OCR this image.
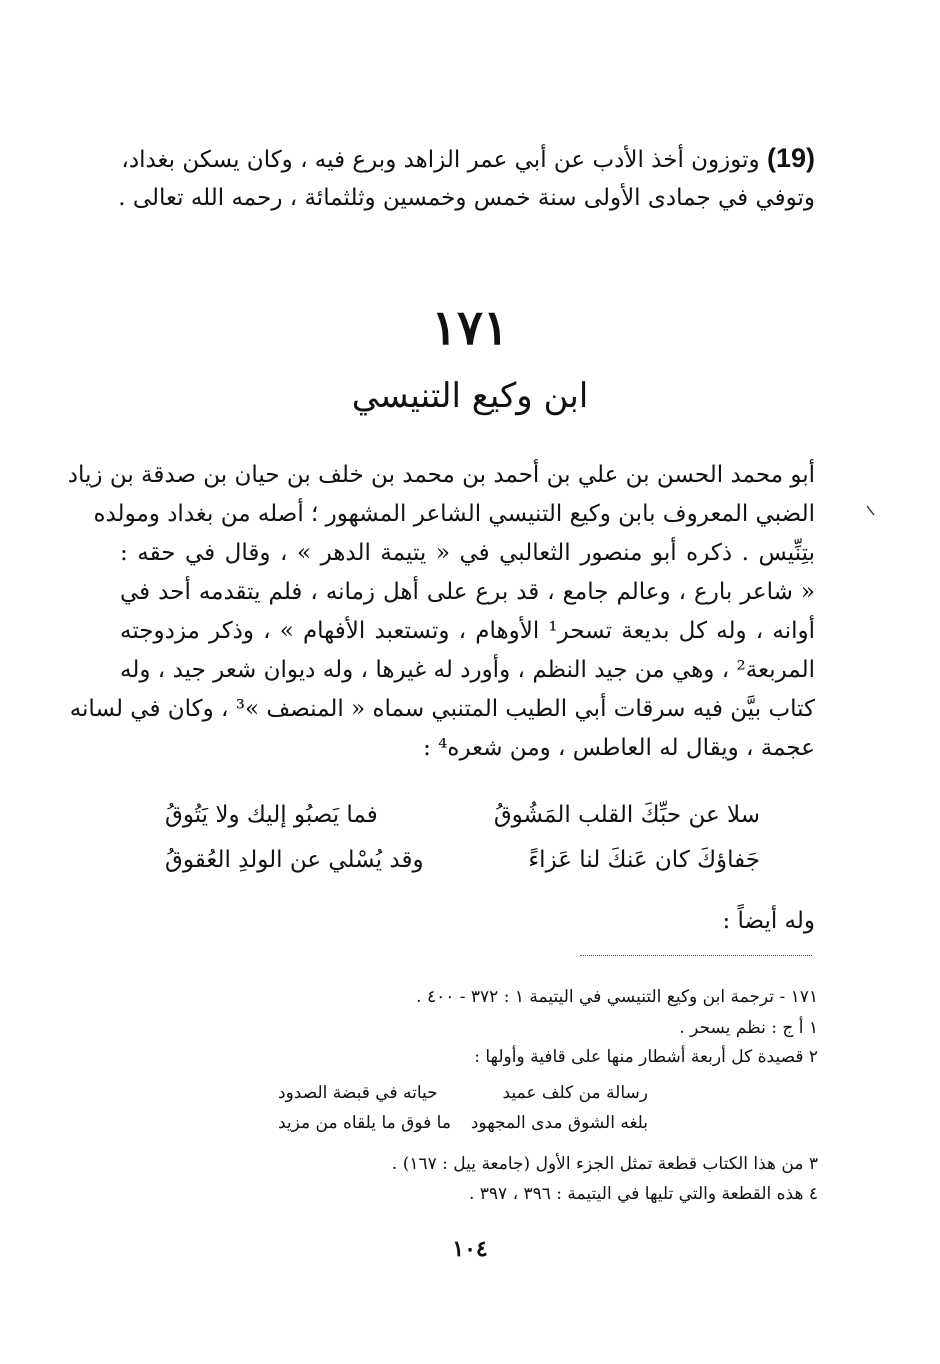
(19) وتوزون أخذ الأدب عن أبي عمر الزاهد وبرع فيه ، وكان يسكن بغداد،
وتوفي في جمادى الأولى سنة خمس وخمسين وثلثمائة ، رحمه الله تعالى .
١٧١
ابن وكيع التنيسي
أبو محمد الحسن بن علي بن أحمد بن محمد بن خلف بن حيان بن صدقة بن زياد
الضبي المعروف بابن وكيع التنيسي الشاعر المشهور ؛ أصله من بغداد ومولده
بتِنِّيس . ذكره أبو منصور الثعالبي في « يتيمة الدهر » ، وقال في حقه :
« شاعر بارع ، وعالم جامع ، قد برع على أهل زمانه ، فلم يتقدمه أحد في
أوانه ، وله كل بديعة تسحر¹ الأوهام ، وتستعبد الأفهام » ، وذكر مزدوجته
المربعة² ، وهي من جيد النظم ، وأورد له غيرها ، وله ديوان شعر جيد ، وله
كتاب بيَّن فيه سرقات أبي الطيب المتنبي سماه « المنصف »³ ، وكان في لسانه
عجمة ، ويقال له العاطس ، ومن شعره⁴ :
سلا عن حبِّكَ القلب المَشُوقُ
فما يَصبُو إليك ولا يَتُوقُ
جَفاؤكَ كان عَنكَ لنا عَزاءً
وقد يُسْلي عن الولدِ العُقوقُ
وله أيضاً :
١٧١ - ترجمة ابن وكيع التنيسي في اليتيمة ١ : ٣٧٢ - ٤٠٠ .
١ أ ج : نظم يسحر .
٢ قصيدة كل أربعة أشطار منها على قافية وأولها :
رسالة من كلف عميد
حياته في قبضة الصدود
بلغه الشوق مدى المجهود
ما فوق ما يلقاه من مزيد
٣ من هذا الكتاب قطعة تمثل الجزء الأول (جامعة ييل : ١٦٧) .
٤ هذه القطعة والتي تليها في اليتيمة : ٣٩٦ ، ٣٩٧ .
١٠٤
